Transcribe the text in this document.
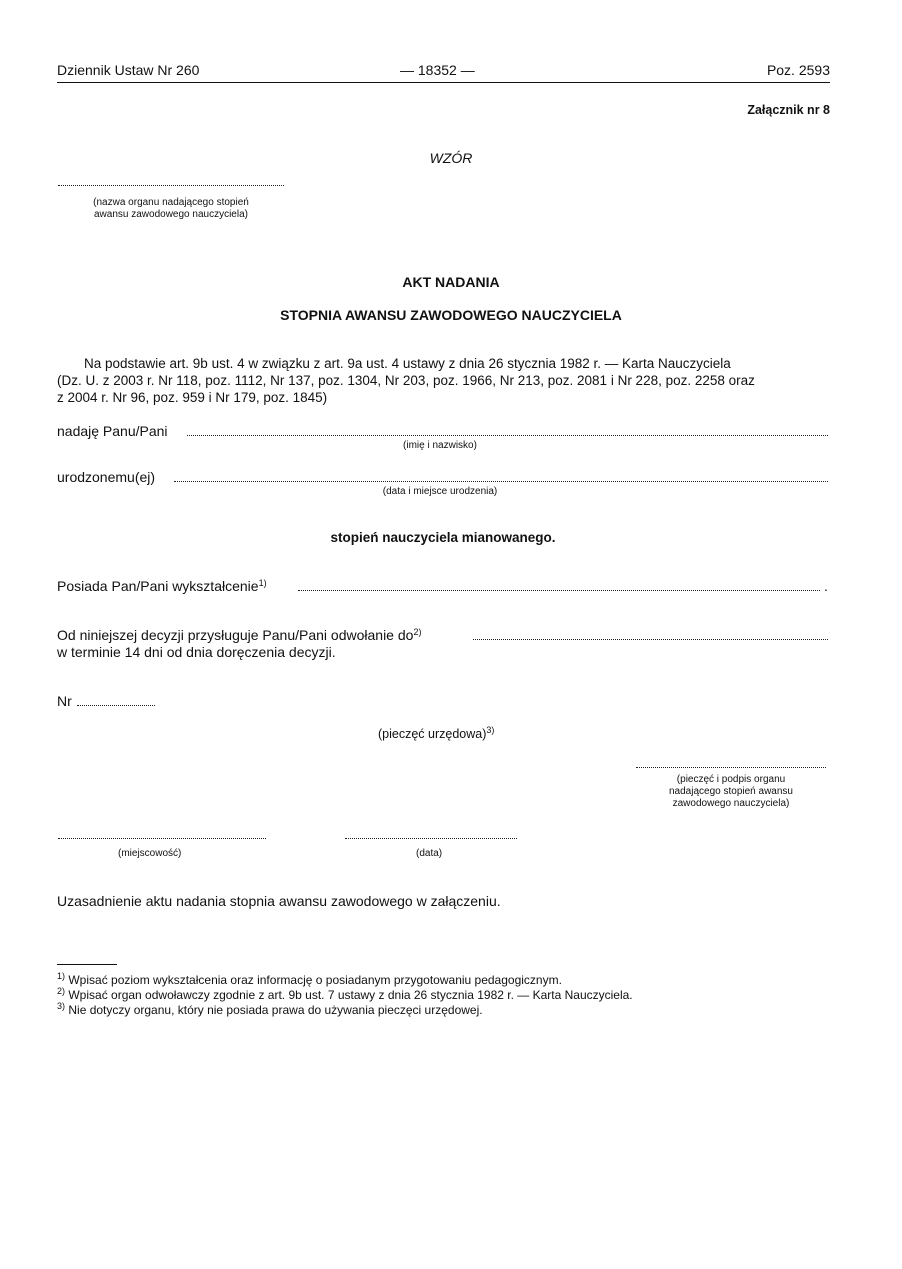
Dziennik Ustaw Nr 260	— 18352 —	Poz. 2593
Załącznik nr 8
WZÓR
(nazwa organu nadającego stopień
awansu zawodowego nauczyciela)
AKT NADANIA
STOPNIA AWANSU ZAWODOWEGO NAUCZYCIELA
Na podstawie art. 9b ust. 4 w związku z art. 9a ust. 4 ustawy z dnia 26 stycznia 1982 r. — Karta Nauczyciela
(Dz. U. z 2003 r. Nr 118, poz. 1112, Nr 137, poz. 1304, Nr 203, poz. 1966, Nr 213, poz. 2081 i Nr 228, poz. 2258 oraz
z 2004 r. Nr 96, poz. 959 i Nr 179, poz. 1845)
nadaję Panu/Pani
(imię i nazwisko)
urodzonemu(ej)
(data i miejsce urodzenia)
stopień nauczyciela mianowanego.
Posiada Pan/Pani wykształcenie$^{1)}$	.
Od niniejszej decyzji przysługuje Panu/Pani odwołanie $do^{2)}$
w terminie 14 dni od dnia doręczenia decyzji.
Nr
(pieczęć urzędowa)$^{3)}$
(pieczęć i podpis organu
nadającego stopień awansu
zawodowego nauczyciela)
(miejscowość)	(data)
Uzasadnienie aktu nadania stopnia awansu zawodowego w załączeniu.
$^{1)}$ Wpisać poziom wykształcenia oraz informację o posiadanym przygotowaniu pedagogicznym.
$^{2)}$ Wpisać organ odwoławczy zgodnie z art. 9b ust. 7 ustawy z dnia 26 stycznia 1982 r. — Karta Nauczyciela.
$^{3)}$ Nie dotyczy organu, który nie posiada prawa do używania pieczęci urzędowej.
